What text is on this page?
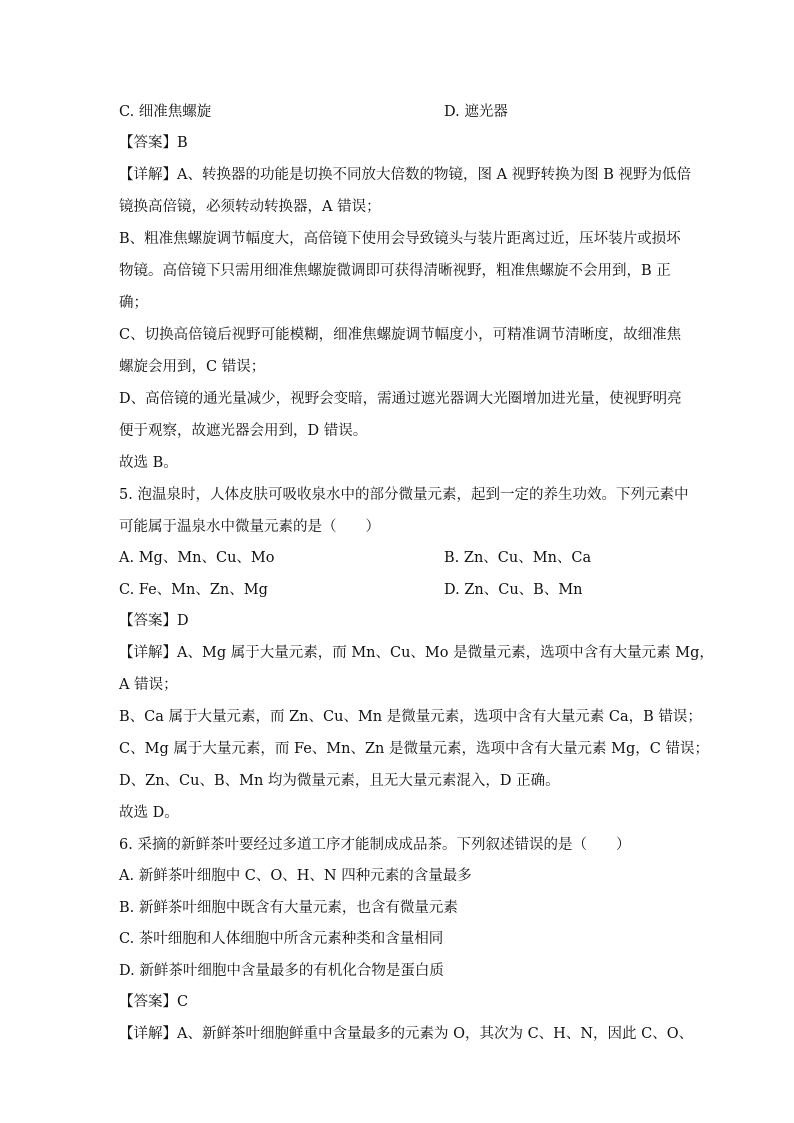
C. 细准焦螺旋	D. 遮光器
【答案】B
【详解】A、转换器的功能是切换不同放大倍数的物镜，图 A 视野转换为图 B 视野为低倍
镜换高倍镜，必须转动转换器，A 错误；
B、粗准焦螺旋调节幅度大，高倍镜下使用会导致镜头与装片距离过近，压坏装片或损坏
物镜。高倍镜下只需用细准焦螺旋微调即可获得清晰视野，粗准焦螺旋不会用到，B 正
确；
C、切换高倍镜后视野可能模糊，细准焦螺旋调节幅度小，可精准调节清晰度，故细准焦
螺旋会用到，C 错误；
D、高倍镜的通光量减少，视野会变暗，需通过遮光器调大光圈增加进光量，使视野明亮
便于观察，故遮光器会用到，D 错误。
故选 B。
5. 泡温泉时，人体皮肤可吸收泉水中的部分微量元素，起到一定的养生功效。下列元素中
可能属于温泉水中微量元素的是（　　）
A. Mg、Mn、Cu、Mo	B. Zn、Cu、Mn、Ca
C. Fe、Mn、Zn、Mg	D. Zn、Cu、B、Mn
【答案】D
【详解】A、Mg 属于大量元素，而 Mn、Cu、Mo 是微量元素，选项中含有大量元素 Mg，
A 错误；
B、Ca 属于大量元素，而 Zn、Cu、Mn 是微量元素，选项中含有大量元素 Ca，B 错误；
C、Mg 属于大量元素，而 Fe、Mn、Zn 是微量元素，选项中含有大量元素 Mg，C 错误；
D、Zn、Cu、B、Mn 均为微量元素，且无大量元素混入，D 正确。
故选 D。
6. 采摘的新鲜茶叶要经过多道工序才能制成成品茶。下列叙述错误的是（　　）
A. 新鲜茶叶细胞中 C、O、H、N 四种元素的含量最多
B. 新鲜茶叶细胞中既含有大量元素，也含有微量元素
C. 茶叶细胞和人体细胞中所含元素种类和含量相同
D. 新鲜茶叶细胞中含量最多的有机化合物是蛋白质
【答案】C
【详解】A、新鲜茶叶细胞鲜重中含量最多的元素为 O，其次为 C、H、N，因此 C、O、
